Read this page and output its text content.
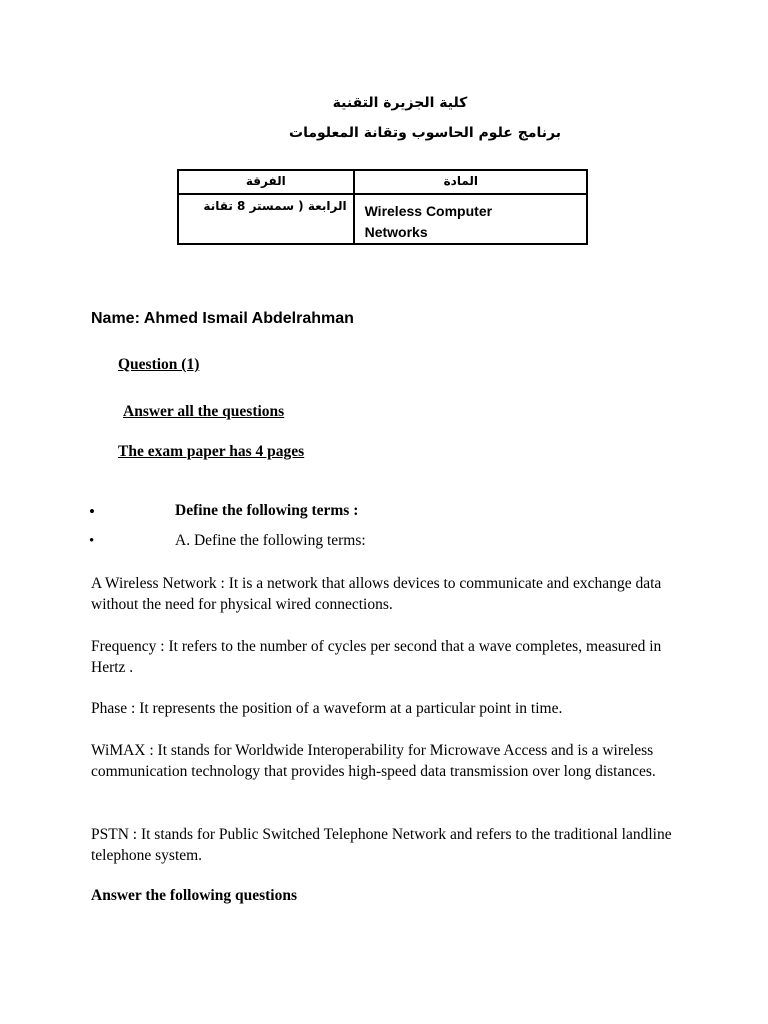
كلية الجزيرة التقنية
برنامج علوم الحاسوب وتقانة المعلومات
الفرقة	المادة
الرابعة ( سمستر 8 تقانة	Wireless Computer
Networks
Name: Ahmed Ismail Abdelrahman
Question (1)
Answer all the questions
The exam paper has 4 pages
•	Define the following terms :
•	A. Define the following terms:
A Wireless Network : It is a network that allows devices to communicate and exchange data without the need for physical wired connections.
Frequency : It refers to the number of cycles per second that a wave completes, measured in Hertz .
Phase : It represents the position of a waveform at a particular point in time.
WiMAX : It stands for Worldwide Interoperability for Microwave Access and is a wireless communication technology that provides high-speed data transmission over long distances.
PSTN : It stands for Public Switched Telephone Network and refers to the traditional landline telephone system.
Answer the following questions
